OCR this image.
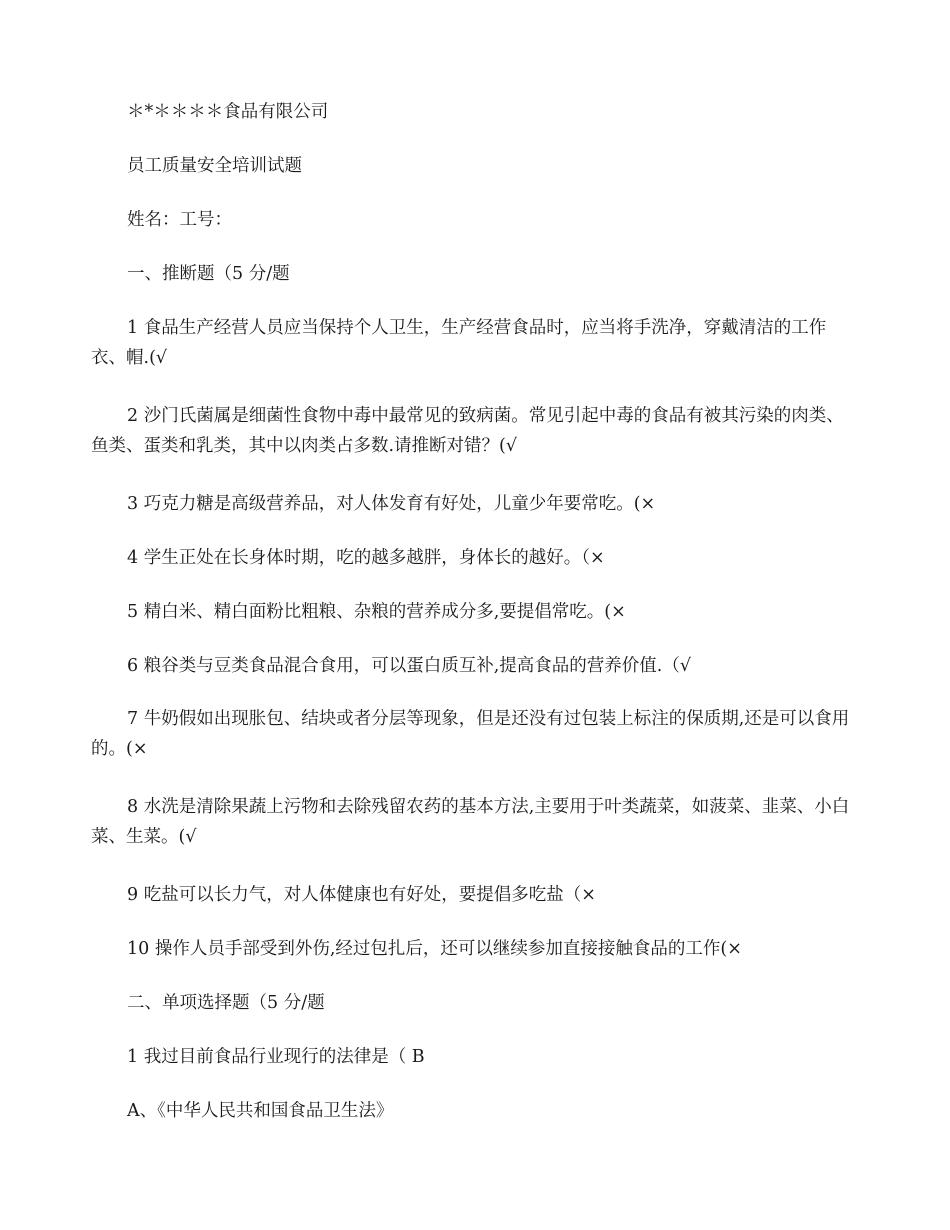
＊*＊＊＊＊食品有限公司
员工质量安全培训试题
姓名：工号：
一、推断题（5 分/题
1 食品生产经营人员应当保持个人卫生，生产经营食品时，应当将手洗净，穿戴清洁的工作衣、帽.(√
2 沙门氏菌属是细菌性食物中毒中最常见的致病菌。常见引起中毒的食品有被其污染的肉类、鱼类、蛋类和乳类，其中以肉类占多数.请推断对错？(√
3 巧克力糖是高级营养品，对人体发育有好处，儿童少年要常吃。(×
4 学生正处在长身体时期，吃的越多越胖，身体长的越好。（×
5 精白米、精白面粉比粗粮、杂粮的营养成分多,要提倡常吃。(×
6 粮谷类与豆类食品混合食用，可以蛋白质互补,提高食品的营养价值.（√
7 牛奶假如出现胀包、结块或者分层等现象，但是还没有过包装上标注的保质期,还是可以食用的。(×
8 水洗是清除果蔬上污物和去除残留农药的基本方法,主要用于叶类蔬菜，如菠菜、韭菜、小白菜、生菜。(√
9 吃盐可以长力气，对人体健康也有好处，要提倡多吃盐（×
10 操作人员手部受到外伤,经过包扎后，还可以继续参加直接接触食品的工作(×
二、单项选择题（5 分/题
1 我过目前食品行业现行的法律是（ B
A、《中华人民共和国食品卫生法》
